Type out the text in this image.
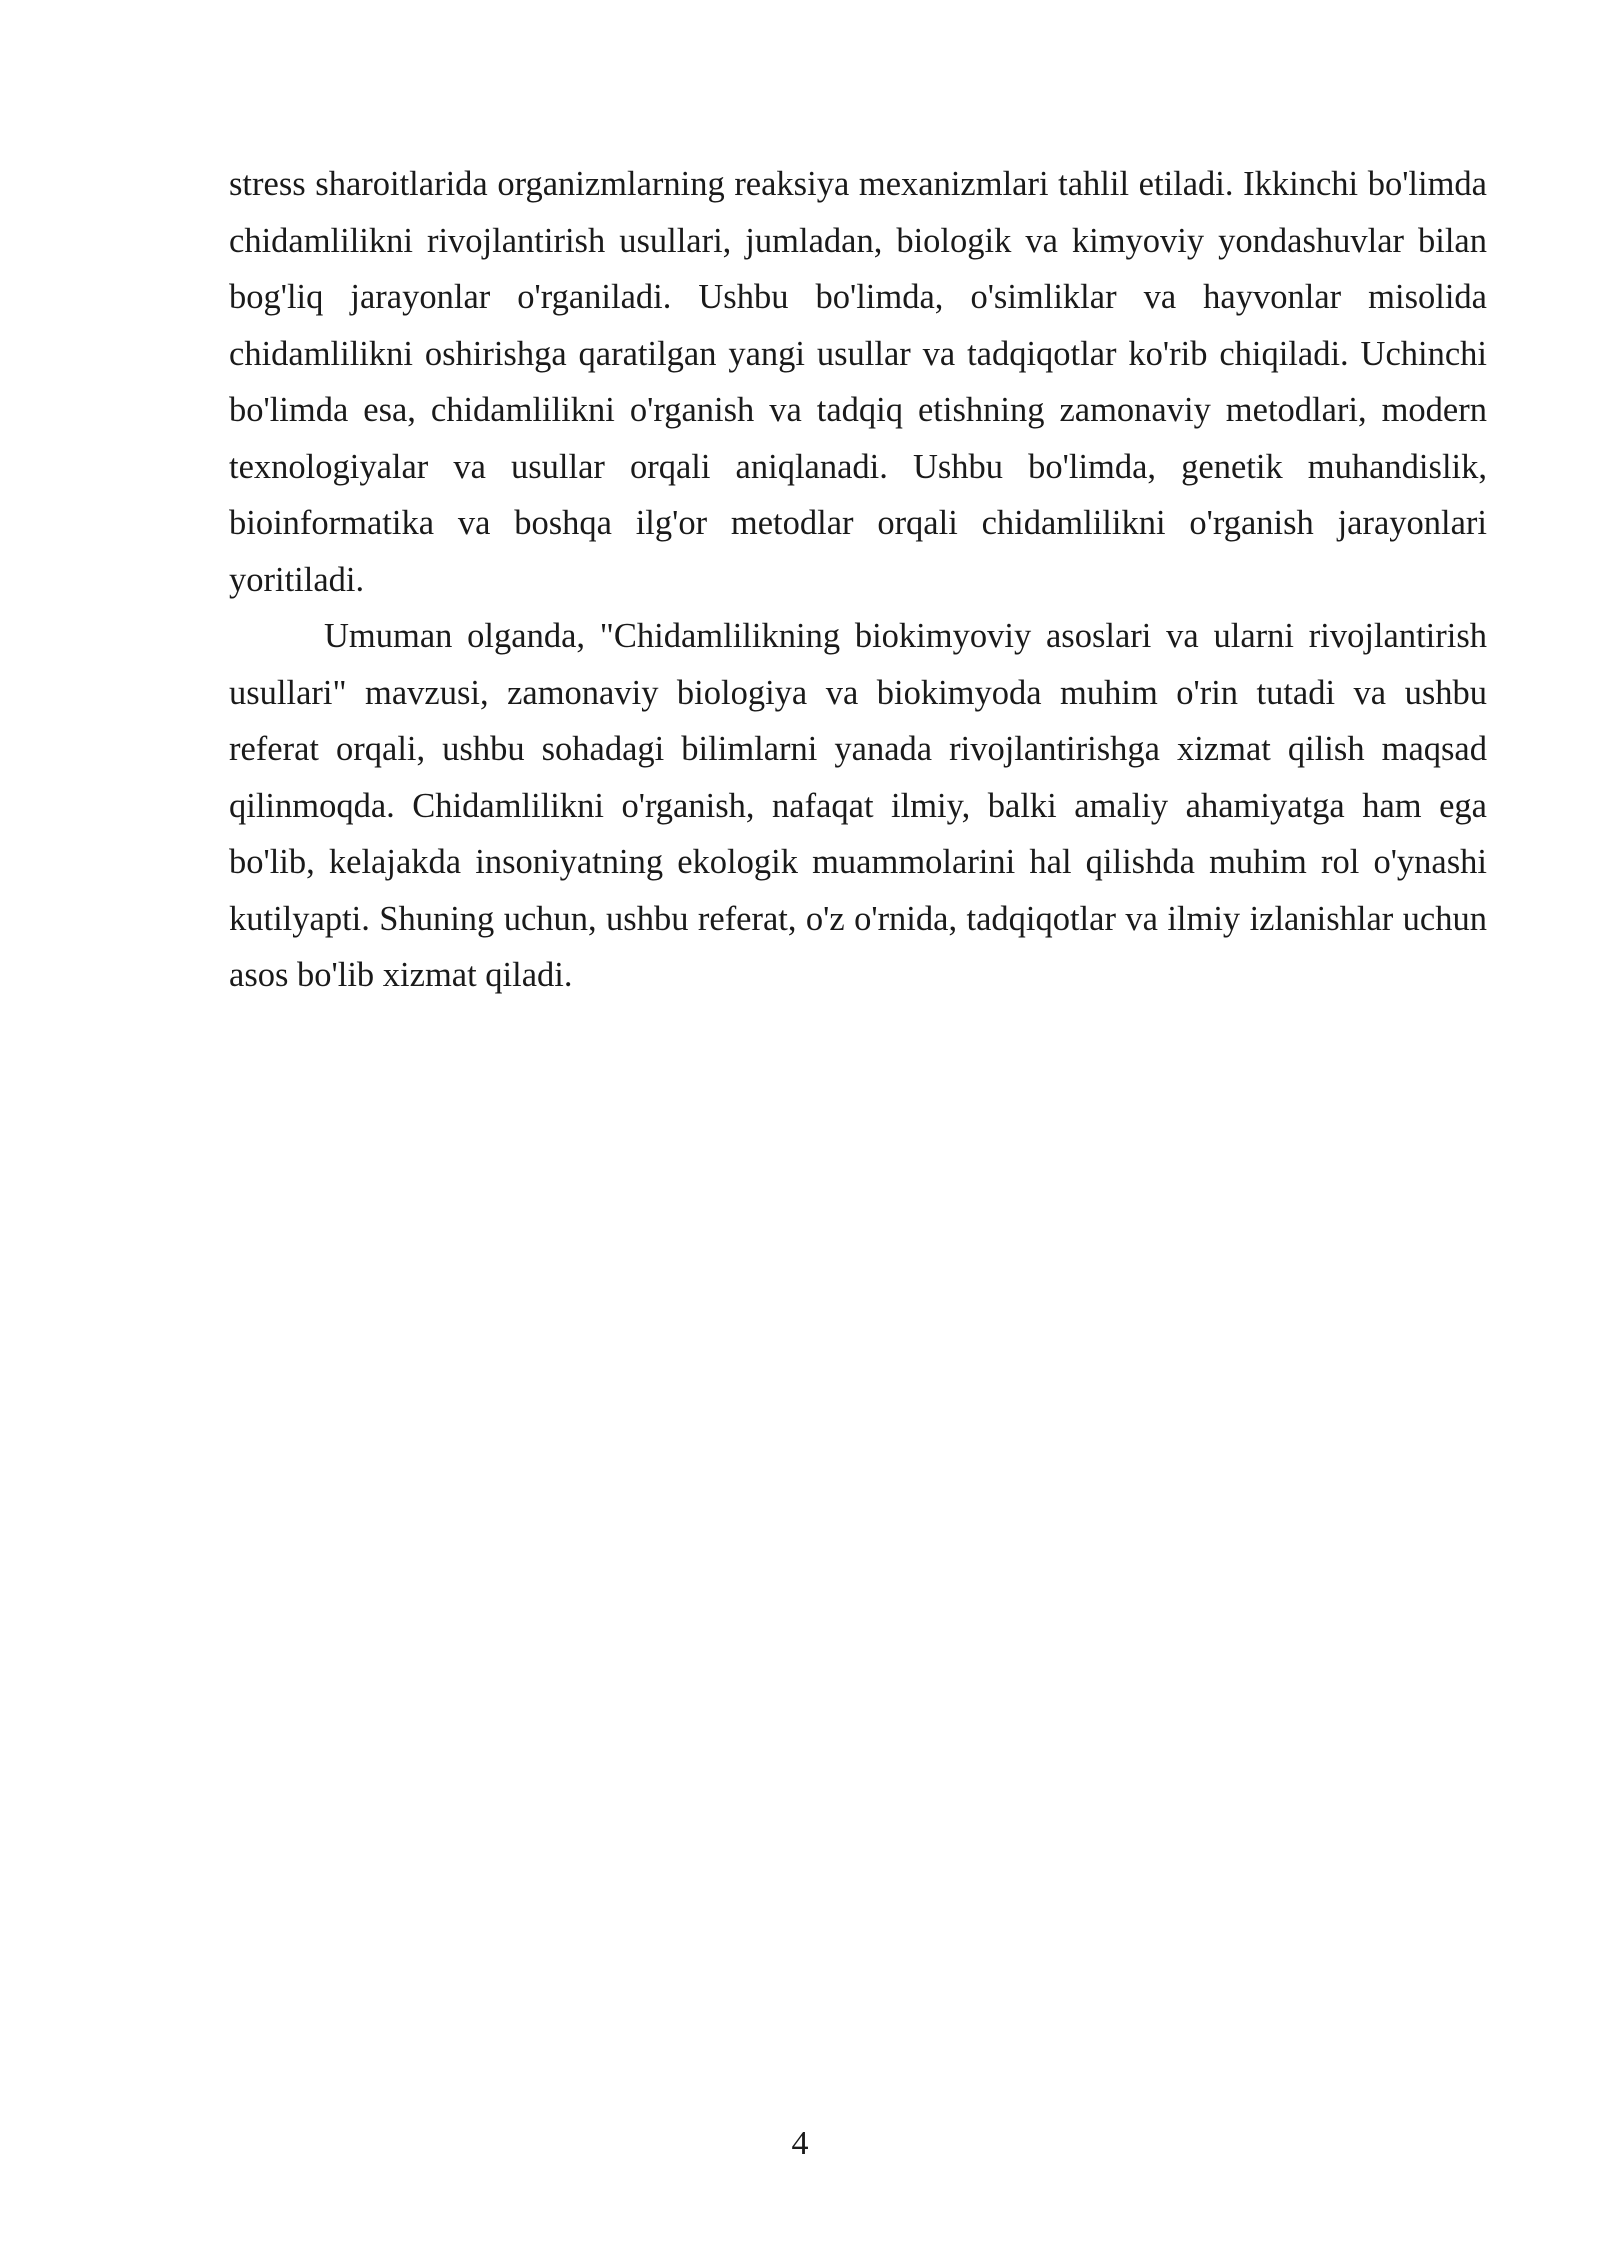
stress sharoitlarida organizmlarning reaksiya mexanizmlari tahlil etiladi. Ikkinchi bo'limda chidamlilikni rivojlantirish usullari, jumladan, biologik va kimyoviy yondashuvlar bilan bog'liq jarayonlar o'rganiladi. Ushbu bo'limda, o'simliklar va hayvonlar misolida chidamlilikni oshirishga qaratilgan yangi usullar va tadqiqotlar ko'rib chiqiladi. Uchinchi bo'limda esa, chidamlilikni o'rganish va tadqiq etishning zamonaviy metodlari, modern texnologiyalar va usullar orqali aniqlanadi. Ushbu bo'limda, genetik muhandislik, bioinformatika va boshqa ilg'or metodlar orqali chidamlilikni o'rganish jarayonlari yoritiladi.

Umuman olganda, "Chidamlilikning biokimyoviy asoslari va ularni rivojlantirish usullari" mavzusi, zamonaviy biologiya va biokimyoda muhim o'rin tutadi va ushbu referat orqali, ushbu sohadagi bilimlarni yanada rivojlantirishga xizmat qilish maqsad qilinmoqda. Chidamlilikni o'rganish, nafaqat ilmiy, balki amaliy ahamiyatga ham ega bo'lib, kelajakda insoniyatning ekologik muammolarini hal qilishda muhim rol o'ynashi kutilyapti. Shuning uchun, ushbu referat, o'z o'rnida, tadqiqotlar va ilmiy izlanishlar uchun asos bo'lib xizmat qiladi.

4
